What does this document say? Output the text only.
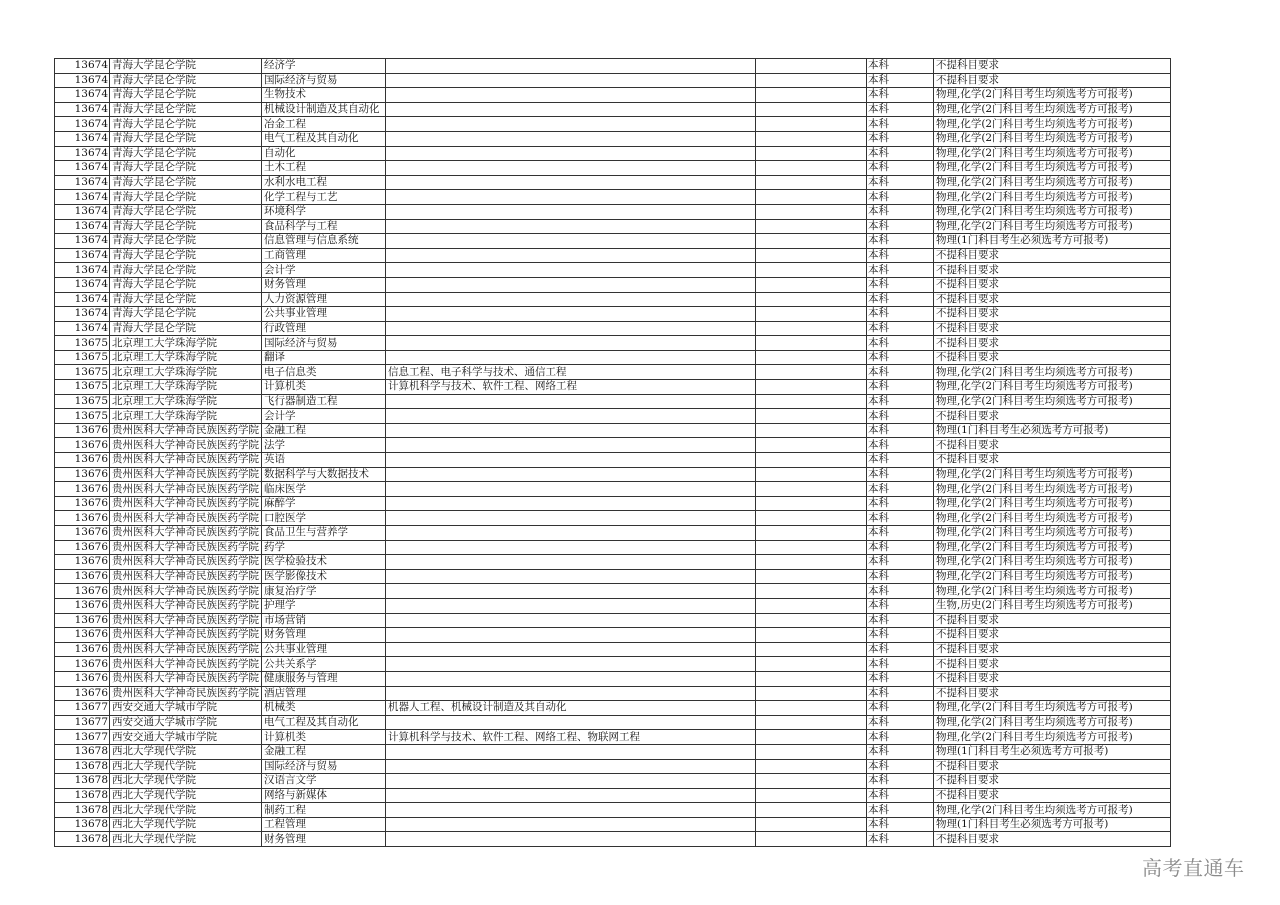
13674	青海大学昆仑学院	经济学			本科	不提科目要求
13674	青海大学昆仑学院	国际经济与贸易			本科	不提科目要求
13674	青海大学昆仑学院	生物技术			本科	物理,化学(2门科目考生均须选考方可报考)
13674	青海大学昆仑学院	机械设计制造及其自动化			本科	物理,化学(2门科目考生均须选考方可报考)
13674	青海大学昆仑学院	冶金工程			本科	物理,化学(2门科目考生均须选考方可报考)
13674	青海大学昆仑学院	电气工程及其自动化			本科	物理,化学(2门科目考生均须选考方可报考)
13674	青海大学昆仑学院	自动化			本科	物理,化学(2门科目考生均须选考方可报考)
13674	青海大学昆仑学院	土木工程			本科	物理,化学(2门科目考生均须选考方可报考)
13674	青海大学昆仑学院	水利水电工程			本科	物理,化学(2门科目考生均须选考方可报考)
13674	青海大学昆仑学院	化学工程与工艺			本科	物理,化学(2门科目考生均须选考方可报考)
13674	青海大学昆仑学院	环境科学			本科	物理,化学(2门科目考生均须选考方可报考)
13674	青海大学昆仑学院	食品科学与工程			本科	物理,化学(2门科目考生均须选考方可报考)
13674	青海大学昆仑学院	信息管理与信息系统			本科	物理(1门科目考生必须选考方可报考)
13674	青海大学昆仑学院	工商管理			本科	不提科目要求
13674	青海大学昆仑学院	会计学			本科	不提科目要求
13674	青海大学昆仑学院	财务管理			本科	不提科目要求
13674	青海大学昆仑学院	人力资源管理			本科	不提科目要求
13674	青海大学昆仑学院	公共事业管理			本科	不提科目要求
13674	青海大学昆仑学院	行政管理			本科	不提科目要求
13675	北京理工大学珠海学院	国际经济与贸易			本科	不提科目要求
13675	北京理工大学珠海学院	翻译			本科	不提科目要求
13675	北京理工大学珠海学院	电子信息类	信息工程、电子科学与技术、通信工程		本科	物理,化学(2门科目考生均须选考方可报考)
13675	北京理工大学珠海学院	计算机类	计算机科学与技术、软件工程、网络工程		本科	物理,化学(2门科目考生均须选考方可报考)
13675	北京理工大学珠海学院	飞行器制造工程			本科	物理,化学(2门科目考生均须选考方可报考)
13675	北京理工大学珠海学院	会计学			本科	不提科目要求
13676	贵州医科大学神奇民族医药学院	金融工程			本科	物理(1门科目考生必须选考方可报考)
13676	贵州医科大学神奇民族医药学院	法学			本科	不提科目要求
13676	贵州医科大学神奇民族医药学院	英语			本科	不提科目要求
13676	贵州医科大学神奇民族医药学院	数据科学与大数据技术			本科	物理,化学(2门科目考生均须选考方可报考)
13676	贵州医科大学神奇民族医药学院	临床医学			本科	物理,化学(2门科目考生均须选考方可报考)
13676	贵州医科大学神奇民族医药学院	麻醉学			本科	物理,化学(2门科目考生均须选考方可报考)
13676	贵州医科大学神奇民族医药学院	口腔医学			本科	物理,化学(2门科目考生均须选考方可报考)
13676	贵州医科大学神奇民族医药学院	食品卫生与营养学			本科	物理,化学(2门科目考生均须选考方可报考)
13676	贵州医科大学神奇民族医药学院	药学			本科	物理,化学(2门科目考生均须选考方可报考)
13676	贵州医科大学神奇民族医药学院	医学检验技术			本科	物理,化学(2门科目考生均须选考方可报考)
13676	贵州医科大学神奇民族医药学院	医学影像技术			本科	物理,化学(2门科目考生均须选考方可报考)
13676	贵州医科大学神奇民族医药学院	康复治疗学			本科	物理,化学(2门科目考生均须选考方可报考)
13676	贵州医科大学神奇民族医药学院	护理学			本科	生物,历史(2门科目考生均须选考方可报考)
13676	贵州医科大学神奇民族医药学院	市场营销			本科	不提科目要求
13676	贵州医科大学神奇民族医药学院	财务管理			本科	不提科目要求
13676	贵州医科大学神奇民族医药学院	公共事业管理			本科	不提科目要求
13676	贵州医科大学神奇民族医药学院	公共关系学			本科	不提科目要求
13676	贵州医科大学神奇民族医药学院	健康服务与管理			本科	不提科目要求
13676	贵州医科大学神奇民族医药学院	酒店管理			本科	不提科目要求
13677	西安交通大学城市学院	机械类	机器人工程、机械设计制造及其自动化		本科	物理,化学(2门科目考生均须选考方可报考)
13677	西安交通大学城市学院	电气工程及其自动化			本科	物理,化学(2门科目考生均须选考方可报考)
13677	西安交通大学城市学院	计算机类	计算机科学与技术、软件工程、网络工程、物联网工程		本科	物理,化学(2门科目考生均须选考方可报考)
13678	西北大学现代学院	金融工程			本科	物理(1门科目考生必须选考方可报考)
13678	西北大学现代学院	国际经济与贸易			本科	不提科目要求
13678	西北大学现代学院	汉语言文学			本科	不提科目要求
13678	西北大学现代学院	网络与新媒体			本科	不提科目要求
13678	西北大学现代学院	制药工程			本科	物理,化学(2门科目考生均须选考方可报考)
13678	西北大学现代学院	工程管理			本科	物理(1门科目考生必须选考方可报考)
13678	西北大学现代学院	财务管理			本科	不提科目要求
高考直通车
